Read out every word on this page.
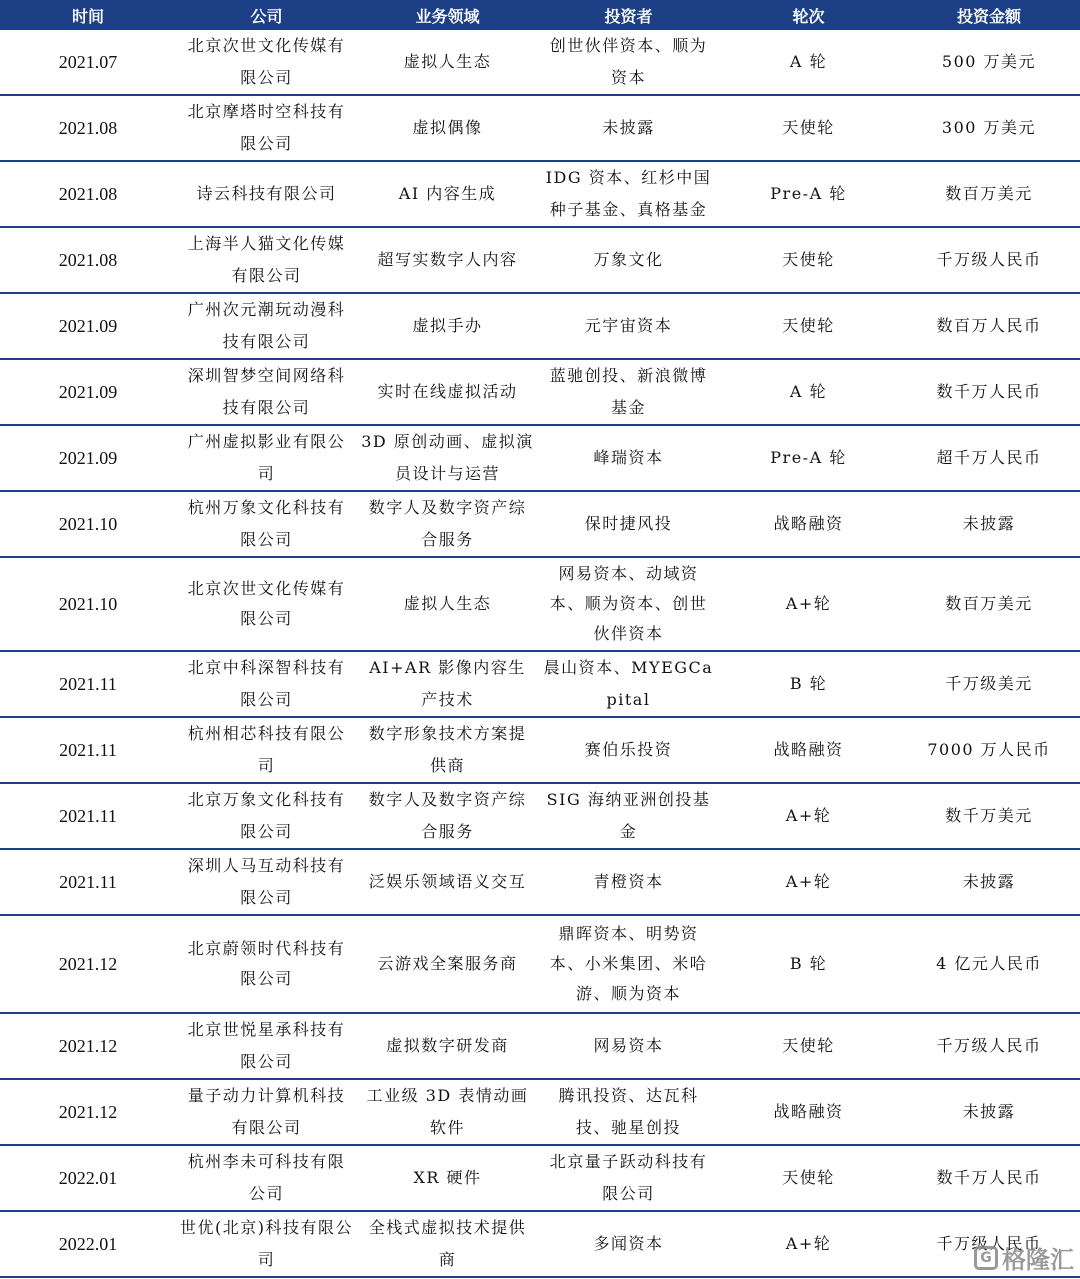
时间	公司	业务领域	投资者	轮次	投资金额
2021.07	北京次世文化传媒有限公司	虚拟人生态	创世伙伴资本、顺为资本	A 轮	500 万美元
2021.08	北京摩塔时空科技有限公司	虚拟偶像	未披露	天使轮	300 万美元
2021.08	诗云科技有限公司	AI 内容生成	IDG 资本、红杉中国种子基金、真格基金	Pre-A 轮	数百万美元
2021.08	上海半人猫文化传媒有限公司	超写实数字人内容	万象文化	天使轮	千万级人民币
2021.09	广州次元潮玩动漫科技有限公司	虚拟手办	元宇宙资本	天使轮	数百万人民币
2021.09	深圳智梦空间网络科技有限公司	实时在线虚拟活动	蓝驰创投、新浪微博基金	A 轮	数千万人民币
2021.09	广州虚拟影业有限公司	3D 原创动画、虚拟演员设计与运营	峰瑞资本	Pre-A 轮	超千万人民币
2021.10	杭州万象文化科技有限公司	数字人及数字资产综合服务	保时捷风投	战略融资	未披露
2021.10	北京次世文化传媒有限公司	虚拟人生态	网易资本、动域资本、顺为资本、创世伙伴资本	A+轮	数百万美元
2021.11	北京中科深智科技有限公司	AI+AR 影像内容生产技术	晨山资本、MYEGCapital	B 轮	千万级美元
2021.11	杭州相芯科技有限公司	数字形象技术方案提供商	赛伯乐投资	战略融资	7000 万人民币
2021.11	北京万象文化科技有限公司	数字人及数字资产综合服务	SIG 海纳亚洲创投基金	A+轮	数千万美元
2021.11	深圳人马互动科技有限公司	泛娱乐领域语义交互	青橙资本	A+轮	未披露
2021.12	北京蔚领时代科技有限公司	云游戏全案服务商	鼎晖资本、明势资本、小米集团、米哈游、顺为资本	B 轮	4 亿元人民币
2021.12	北京世悦星承科技有限公司	虚拟数字研发商	网易资本	天使轮	千万级人民币
2021.12	量子动力计算机科技有限公司	工业级 3D 表情动画软件	腾讯投资、达瓦科技、驰星创投	战略融资	未披露
2022.01	杭州李未可科技有限公司	XR 硬件	北京量子跃动科技有限公司	天使轮	数千万人民币
2022.01	世优(北京)科技有限公司	全栈式虚拟技术提供商	多闻资本	A+轮	千万级人民币
G 格隆汇
